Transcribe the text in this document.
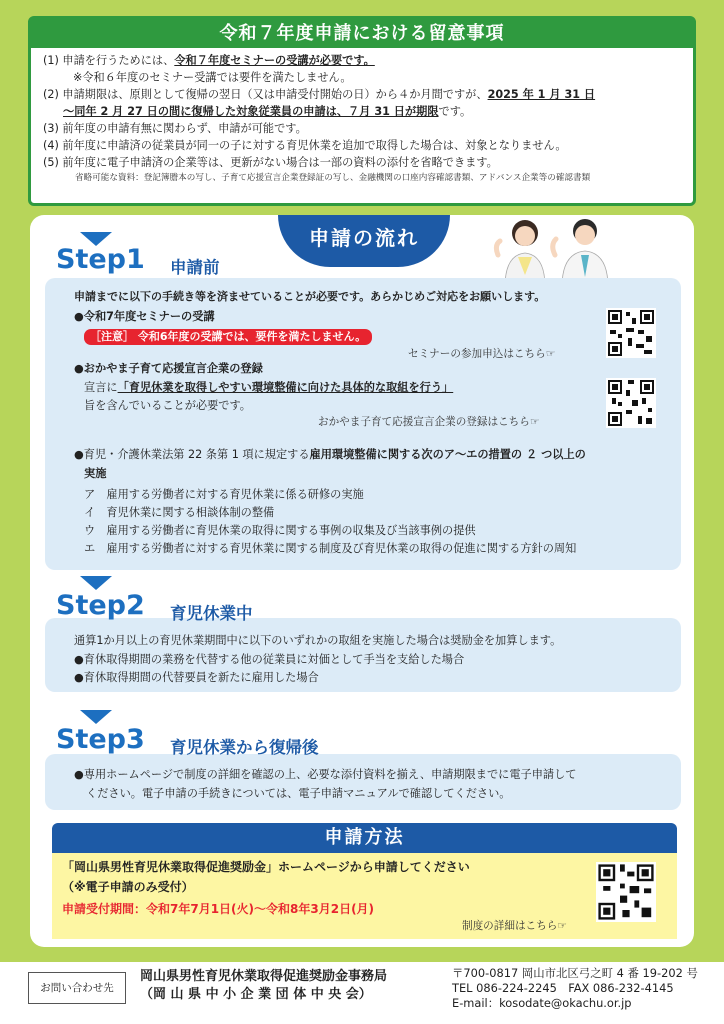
令和７年度申請における留意事項
(1) 申請を行うためには、令和７年度セミナーの受講が必要です。
※令和６年度のセミナー受講では要件を満たしません。
(2) 申請期限は、原則として復帰の翌日（又は申請受付開始の日）から４か月間ですが、2025 年 1 月 31 日
～同年 2 月 27 日の間に復帰した対象従業員の申請は、７月 31 日が期限です。
(3) 前年度の申請有無に関わらず、申請が可能です。
(4) 前年度に申請済の従業員が同一の子に対する育児休業を追加で取得した場合は、対象となりません。
(5) 前年度に電子申請済の企業等は、更新がない場合は一部の資料の添付を省略できます。
省略可能な資料：登記簿謄本の写し、子育て応援宣言企業登録証の写し、金融機関の口座内容確認書類、アドバンス企業等の確認書類
申請の流れ
Step1 申請前
申請までに以下の手続き等を済ませていることが必要です。あらかじめご対応をお願いします。
●令和7年度セミナーの受講
［注意］ 令和6年度の受講では、要件を満たしません。
セミナーの参加申込はこちら☞
●おかやま子育て応援宣言企業の登録
宣言に「育児休業を取得しやすい環境整備に向けた具体的な取組を行う」
旨を含んでいることが必要です。
おかやま子育て応援宣言企業の登録はこちら☞
●育児・介護休業法第 22 条第 1 項に規定する雇用環境整備に関する次のア～エの措置の ２ つ以上の
実施
ア　 雇用する労働者に対する育児休業に係る研修の実施
イ　 育児休業に関する相談体制の整備
ウ　 雇用する労働者に育児休業の取得に関する事例の収集及び当該事例の提供
エ　 雇用する労働者に対する育児休業に関する制度及び育児休業の取得の促進に関する方針の周知
Step2 育児休業中
通算1か月以上の育児休業期間中に以下のいずれかの取組を実施した場合は奨励金を加算します。
●育休取得期間の業務を代替する他の従業員に対価として手当を支給した場合
●育休取得期間の代替要員を新たに雇用した場合
Step3 育児休業から復帰後
●専用ホームページで制度の詳細を確認の上、必要な添付資料を揃え、申請期限までに電子申請して
ください。電子申請の手続きについては、電子申請マニュアルで確認してください。
申請方法
「岡山県男性育児休業取得促進奨励金」ホームページから申請してください
（※電子申請のみ受付）
申請受付期間：令和7年7月1日(火)～令和8年3月2日(月)
制度の詳細はこちら☞
お問い合わせ先
岡山県男性育児休業取得促進奨励金事務局
（岡 山 県 中 小 企 業 団 体 中 央 会）
〒700-0817 岡山市北区弓之町 4 番 19-202 号
TEL 086-224-2245　FAX 086-232-4145
E-mail：kosodate@okachu.or.jp
